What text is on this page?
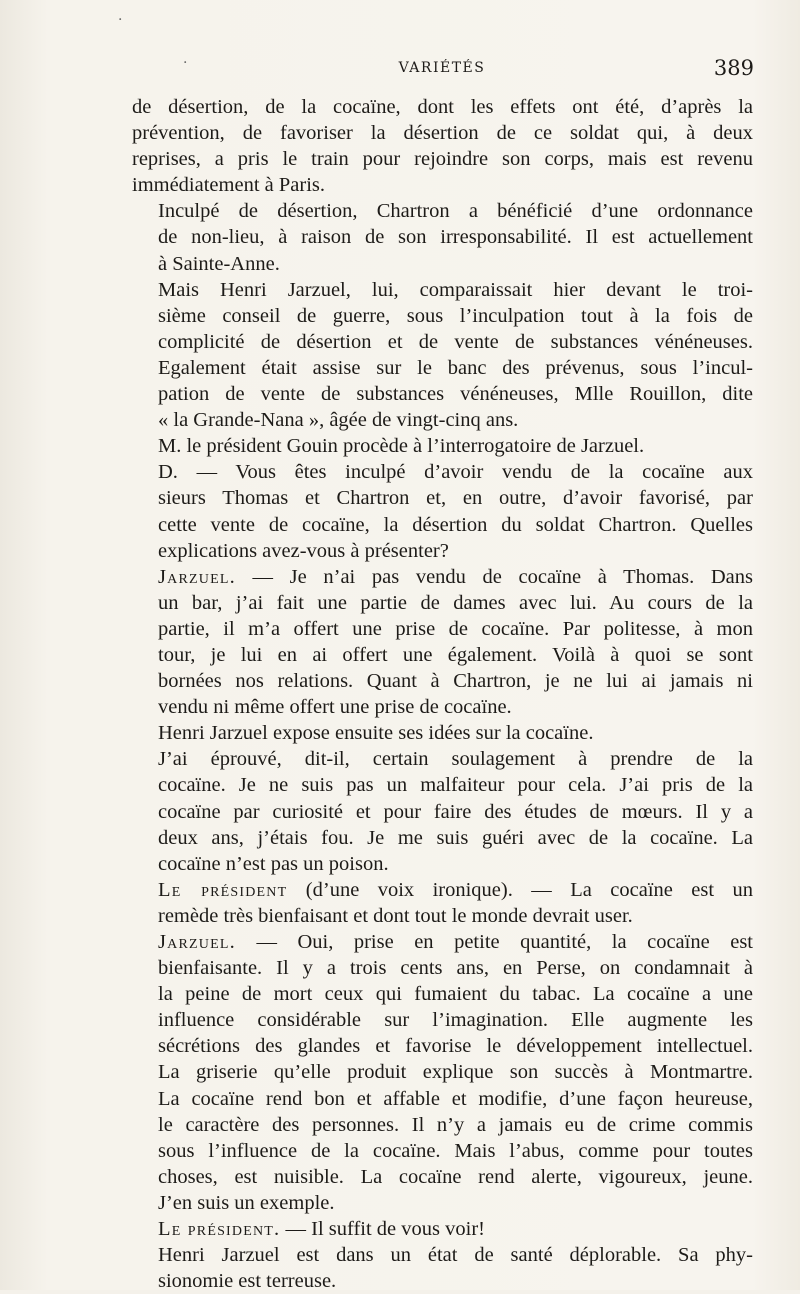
·
·	VARIÉTÉS	389

de désertion, de la cocaïne, dont les effets ont été, d’après la
prévention, de favoriser la désertion de ce soldat qui, à deux
reprises, a pris le train pour rejoindre son corps, mais est revenu
immédiatement à Paris.

Inculpé de désertion, Chartron a bénéficié d’une ordonnance
de non-lieu, à raison de son irresponsabilité. Il est actuellement
à Sainte-Anne.

Mais Henri Jarzuel, lui, comparaissait hier devant le troi-
sième conseil de guerre, sous l’inculpation tout à la fois de
complicité de désertion et de vente de substances vénéneuses.
Egalement était assise sur le banc des prévenus, sous l’incul-
pation de vente de substances vénéneuses, Mlle Rouillon, dite
« la Grande-Nana », âgée de vingt-cinq ans.

M. le président Gouin procède à l’interrogatoire de Jarzuel.

D. — Vous êtes inculpé d’avoir vendu de la cocaïne aux
sieurs Thomas et Chartron et, en outre, d’avoir favorisé, par
cette vente de cocaïne, la désertion du soldat Chartron. Quelles
explications avez-vous à présenter?

Jarzuel. — Je n’ai pas vendu de cocaïne à Thomas. Dans
un bar, j’ai fait une partie de dames avec lui. Au cours de la
partie, il m’a offert une prise de cocaïne. Par politesse, à mon
tour, je lui en ai offert une également. Voilà à quoi se sont
bornées nos relations. Quant à Chartron, je ne lui ai jamais ni
vendu ni même offert une prise de cocaïne.

Henri Jarzuel expose ensuite ses idées sur la cocaïne.

J’ai éprouvé, dit-il, certain soulagement à prendre de la
cocaïne. Je ne suis pas un malfaiteur pour cela. J’ai pris de la
cocaïne par curiosité et pour faire des études de mœurs. Il y a
deux ans, j’étais fou. Je me suis guéri avec de la cocaïne. La
cocaïne n’est pas un poison.

Le président (d’une voix ironique). — La cocaïne est un
remède très bienfaisant et dont tout le monde devrait user.

Jarzuel. — Oui, prise en petite quantité, la cocaïne est
bienfaisante. Il y a trois cents ans, en Perse, on condamnait à
la peine de mort ceux qui fumaient du tabac. La cocaïne a une
influence considérable sur l’imagination. Elle augmente les
sécrétions des glandes et favorise le développement intellectuel.
La griserie qu’elle produit explique son succès à Montmartre.
La cocaïne rend bon et affable et modifie, d’une façon heureuse,
le caractère des personnes. Il n’y a jamais eu de crime commis
sous l’influence de la cocaïne. Mais l’abus, comme pour toutes
choses, est nuisible. La cocaïne rend alerte, vigoureux, jeune.
J’en suis un exemple.

Le président. — Il suffit de vous voir!

Henri Jarzuel est dans un état de santé déplorable. Sa phy-
sionomie est terreuse.
